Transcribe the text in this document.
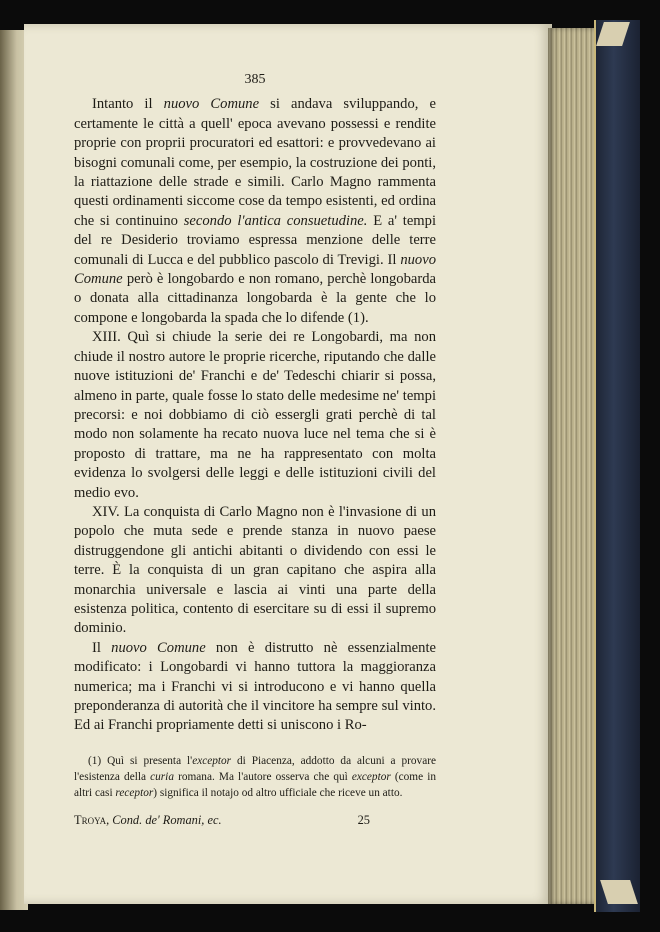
385

Intanto il nuovo Comune si andava sviluppando, e certamente le città a quell' epoca avevano possessi e rendite proprie con proprii procuratori ed esattori: e provvedevano ai bisogni comunali come, per esempio, la costruzione dei ponti, la riattazione delle strade e simili. Carlo Magno rammenta questi ordinamenti siccome cose da tempo esistenti, ed ordina che si continuino secondo l'antica consuetudine. E a' tempi del re Desiderio troviamo espressa menzione delle terre comunali di Lucca e del pubblico pascolo di Trevigi. Il nuovo Comune però è longobardo e non romano, perchè longobarda o donata alla cittadinanza longobarda è la gente che lo compone e longobarda la spada che lo difende (1).

XIII. Quì si chiude la serie dei re Longobardi, ma non chiude il nostro autore le proprie ricerche, riputando che dalle nuove istituzioni de' Franchi e de' Tedeschi chiarir si possa, almeno in parte, quale fosse lo stato delle medesime ne' tempi precorsi: e noi dobbiamo di ciò essergli grati perchè di tal modo non solamente ha recato nuova luce nel tema che si è proposto di trattare, ma ne ha rappresentato con molta evidenza lo svolgersi delle leggi e delle istituzioni civili del medio evo.

XIV. La conquista di Carlo Magno non è l'invasione di un popolo che muta sede e prende stanza in nuovo paese distruggendone gli antichi abitanti o dividendo con essi le terre. È la conquista di un gran capitano che aspira alla monarchia universale e lascia ai vinti una parte della esistenza politica, contento di esercitare su di essi il supremo dominio.

Il nuovo Comune non è distrutto nè essenzialmente modificato: i Longobardi vi hanno tuttora la maggioranza numerica; ma i Franchi vi si introducono e vi hanno quella preponderanza di autorità che il vincitore ha sempre sul vinto. Ed ai Franchi propriamente detti si uniscono i Ro-

(1) Quì si presenta l'exceptor di Piacenza, addotto da alcuni a provare l'esistenza della curia romana. Ma l'autore osserva che quì exceptor (come in altri casi receptor) significa il notajo od altro ufficiale che riceve un atto.

Troya, Cond. de' Romani, ec.	25
